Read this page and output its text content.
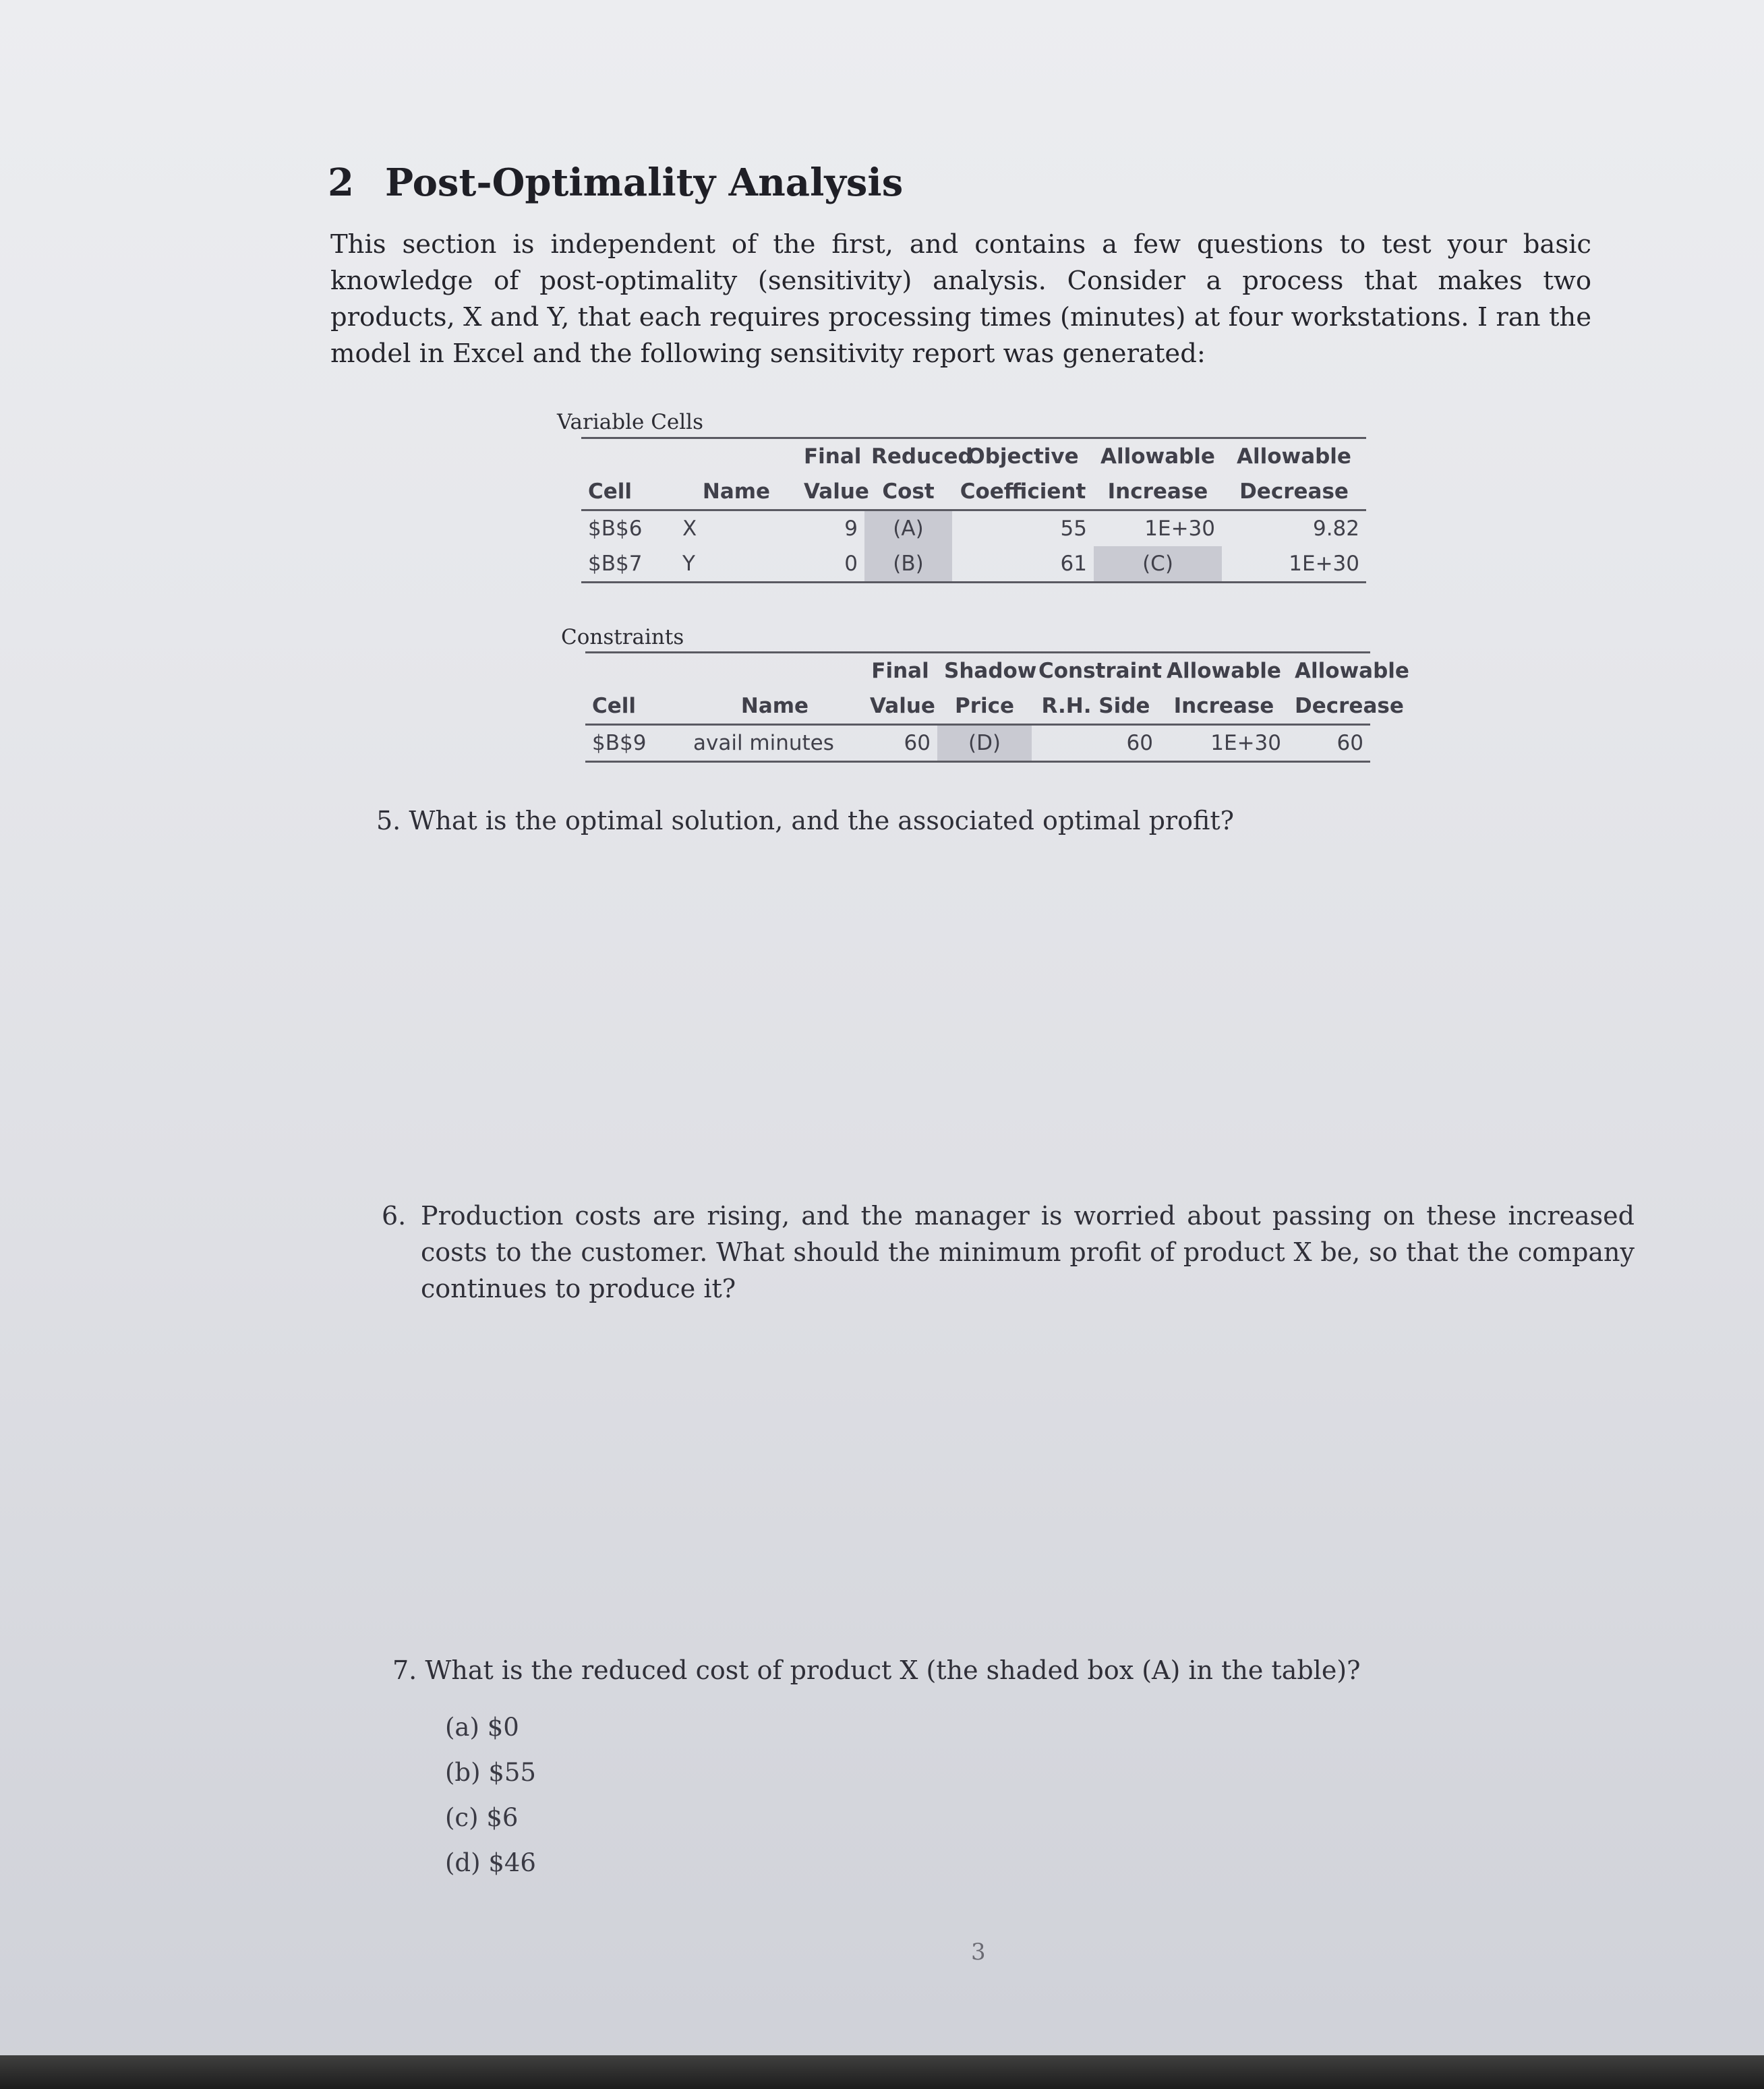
2 Post-Optimality Analysis

This section is independent of the first, and contains a few questions to test your basic knowledge of post-optimality (sensitivity) analysis. Consider a process that makes two products, X and Y, that each requires processing times (minutes) at four workstations. I ran the model in Excel and the following sensitivity report was generated:

Variable Cells
		Final	Reduced	Objective	Allowable	Allowable
Cell	Name	Value	Cost	Coefficient	Increase	Decrease
$B$6	X	9	(A)	55	1E+30	9.82
$B$7	Y	0	(B)	61	(C)	1E+30
Constraints
			Final	Shadow	Constraint	Allowable	Allowable
Cell	Name		Value	Price	R.H. Side	Increase	Decrease
$B$9	avail minutes		60	(D)	60	1E+30	60

5. What is the optimal solution, and the associated optimal profit?

6. Production costs are rising, and the manager is worried about passing on these increased costs to the customer. What should the minimum profit of product X be, so that the company continues to produce it?

7. What is the reduced cost of product X (the shaded box (A) in the table)?

(a) $0
(b) $55
(c) $6
(d) $46
3
